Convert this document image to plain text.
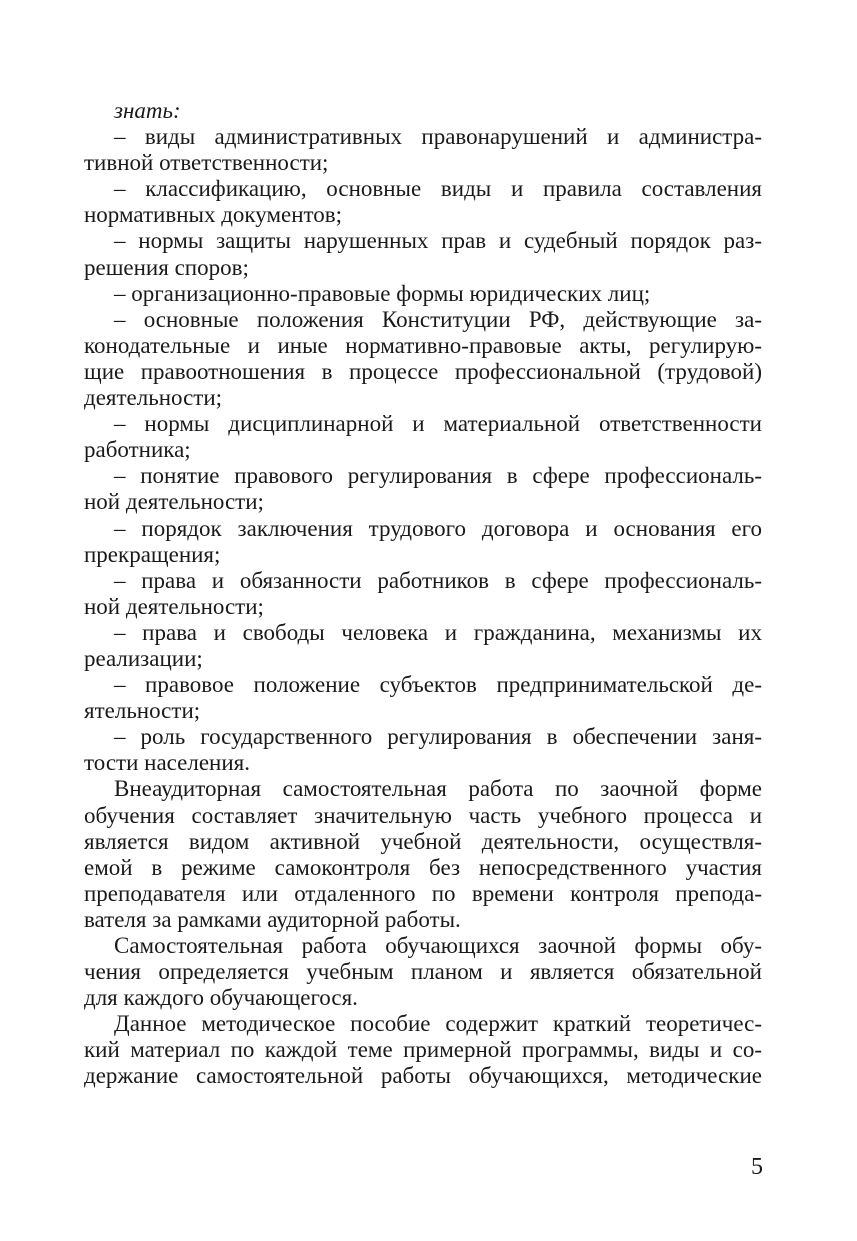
знать:

– виды административных правонарушений и администра-
тивной ответственности;

– классификацию, основные виды и правила составления
нормативных документов;

– нормы защиты нарушенных прав и судебный порядок раз-
решения споров;

– организационно-правовые формы юридических лиц;

– основные положения Конституции РФ, действующие за-
конодательные и иные нормативно-правовые акты, регулирую-
щие правоотношения в процессе профессиональной (трудовой)
деятельности;

– нормы дисциплинарной и материальной ответственности
работника;

– понятие правового регулирования в сфере профессиональ-
ной деятельности;

– порядок заключения трудового договора и основания его
прекращения;

– права и обязанности работников в сфере профессиональ-
ной деятельности;

– права и свободы человека и гражданина, механизмы их
реализации;

– правовое положение субъектов предпринимательской де-
ятельности;

– роль государственного регулирования в обеспечении заня-
тости населения.

Внеаудиторная самостоятельная работа по заочной форме
обучения составляет значительную часть учебного процесса и
является видом активной учебной деятельности, осуществля-
емой в режиме самоконтроля без непосредственного участия
преподавателя или отдаленного по времени контроля препода-
вателя за рамками аудиторной работы.

Самостоятельная работа обучающихся заочной формы обу-
чения определяется учебным планом и является обязательной
для каждого обучающегося.

Данное методическое пособие содержит краткий теоретичес-
кий материал по каждой теме примерной программы, виды и со-
держание самостоятельной работы обучающихся, методические

5
